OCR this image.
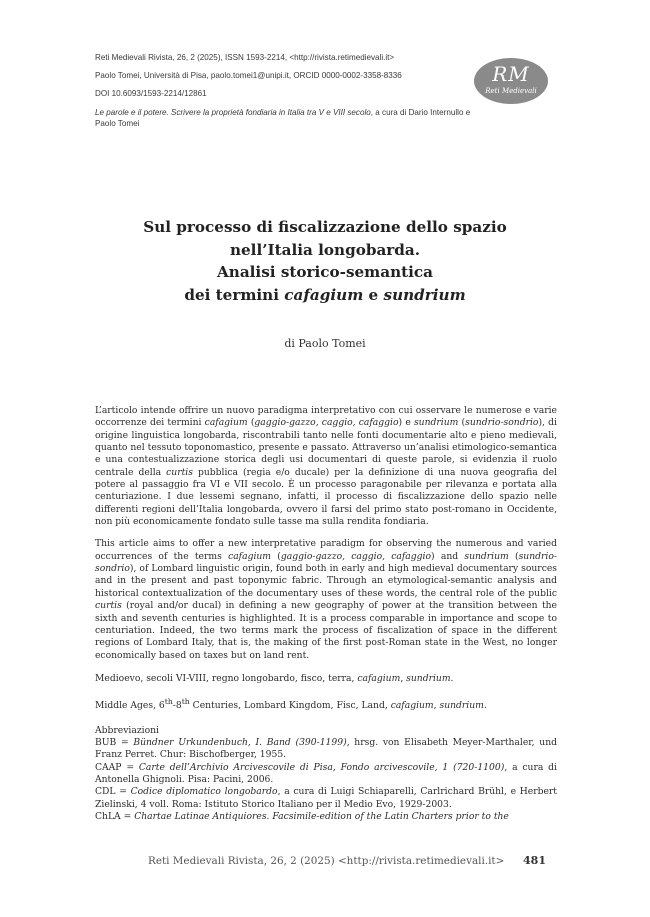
Reti Medievali Rivista, 26, 2 (2025), ISSN 1593-2214, <http://rivista.retimedievali.it>
Paolo Tomei, Università di Pisa, paolo.tomei1@unipi.it, ORCID 0000-0002-3358-8336
DOI 10.6093/1593-2214/12861
Le parole e il potere. Scrivere la proprietà fondiaria in Italia tra V e VIII secolo, a cura di Dario Internullo e Paolo Tomei
RM
Reti Medievali
Sul processo di fiscalizzazione dello spazio
nell’Italia longobarda.
Analisi storico-semantica
dei termini cafagium e sundrium
di Paolo Tomei

L’articolo intende offrire un nuovo paradigma interpretativo con cui osservare le numerose e varie occorrenze dei termini cafagium (gaggio-gazzo, caggio, cafaggio) e sundrium (sundrio-sondrio), di origine linguistica longobarda, riscontrabili tanto nelle fonti documentarie alto e pieno medievali, quanto nel tessuto toponomastico, presente e passato. Attraverso un’analisi etimologico-semantica e una contestualizzazione storica degli usi documentari di queste parole, si evidenzia il ruolo centrale della curtis pubblica (regia e/o ducale) per la definizione di una nuova geografia del potere al passaggio fra VI e VII secolo. È un processo paragonabile per rilevanza e portata alla centuriazione. I due lessemi segnano, infatti, il processo di fiscalizzazione dello spazio nelle differenti regioni dell’Italia longobarda, ovvero il farsi del primo stato post-romano in Occidente, non più economicamente fondato sulle tasse ma sulla rendita fondiaria.

This article aims to offer a new interpretative paradigm for observing the numerous and varied occurrences of the terms cafagium (gaggio-gazzo, caggio, cafaggio) and sundrium (sundrio-sondrio), of Lombard linguistic origin, found both in early and high medieval documentary sources and in the present and past toponymic fabric. Through an etymological-semantic analysis and historical contextualization of the documentary uses of these words, the central role of the public curtis (royal and/or ducal) in defining a new geography of power at the transition between the sixth and seventh centuries is highlighted. It is a process comparable in importance and scope to centuriation. Indeed, the two terms mark the process of fiscalization of space in the different regions of Lombard Italy, that is, the making of the first post-Roman state in the West, no longer economically based on taxes but on land rent.

Medioevo, secoli VI-VIII, regno longobardo, fisco, terra, cafagium, sundrium.

Middle Ages, 6th-8th Centuries, Lombard Kingdom, Fisc, Land, cafagium, sundrium.

Abbreviazioni

BUB = Bündner Urkundenbuch, I. Band (390-1199), hrsg. von Elisabeth Meyer-Marthaler, und Franz Perret. Chur: Bischofberger, 1955.

CAAP = Carte dell’Archivio Arcivescovile di Pisa, Fondo arcivescovile, 1 (720-1100), a cura di Antonella Ghignoli. Pisa: Pacini, 2006.

CDL = Codice diplomatico longobardo, a cura di Luigi Schiaparelli, Carlrichard Brühl, e Herbert Zielinski, 4 voll. Roma: Istituto Storico Italiano per il Medio Evo, 1929-2003.

ChLA = Chartae Latinae Antiquiores. Facsimile-edition of the Latin Charters prior to the

Reti Medievali Rivista, 26, 2 (2025) <http://rivista.retimedievali.it> 481
